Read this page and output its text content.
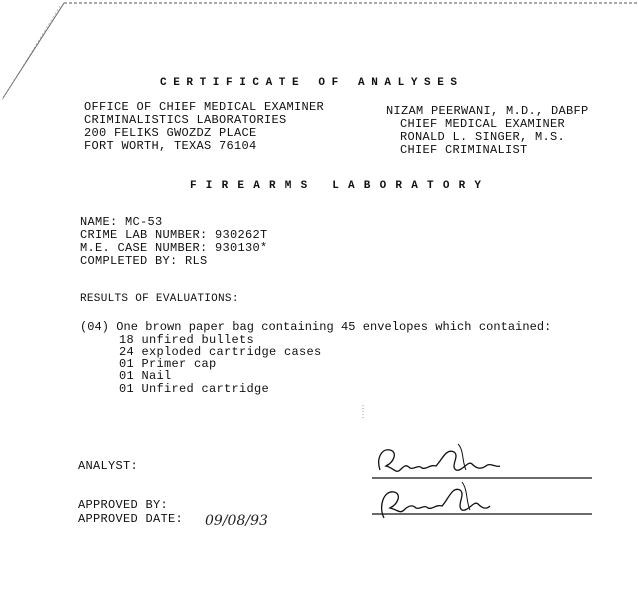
CERTIFICATE OF ANALYSES
OFFICE OF CHIEF MEDICAL EXAMINER
CRIMINALISTICS LABORATORIES
200 FELIKS GWOZDZ PLACE
FORT WORTH, TEXAS 76104
NIZAM PEERWANI, M.D., DABFP
CHIEF MEDICAL EXAMINER
RONALD L. SINGER, M.S.
CHIEF CRIMINALIST
FIREARMS LABORATORY
NAME: MC-53
CRIME LAB NUMBER: 930262T
M.E. CASE NUMBER: 930130*
COMPLETED BY: RLS
RESULTS OF EVALUATIONS:
(04) One brown paper bag containing 45 envelopes which contained:
18 unfired bullets
24 exploded cartridge cases
01 Primer cap
01 Nail
01 Unfired cartridge
ANALYST:
APPROVED BY:
APPROVED DATE: 09/08/93
